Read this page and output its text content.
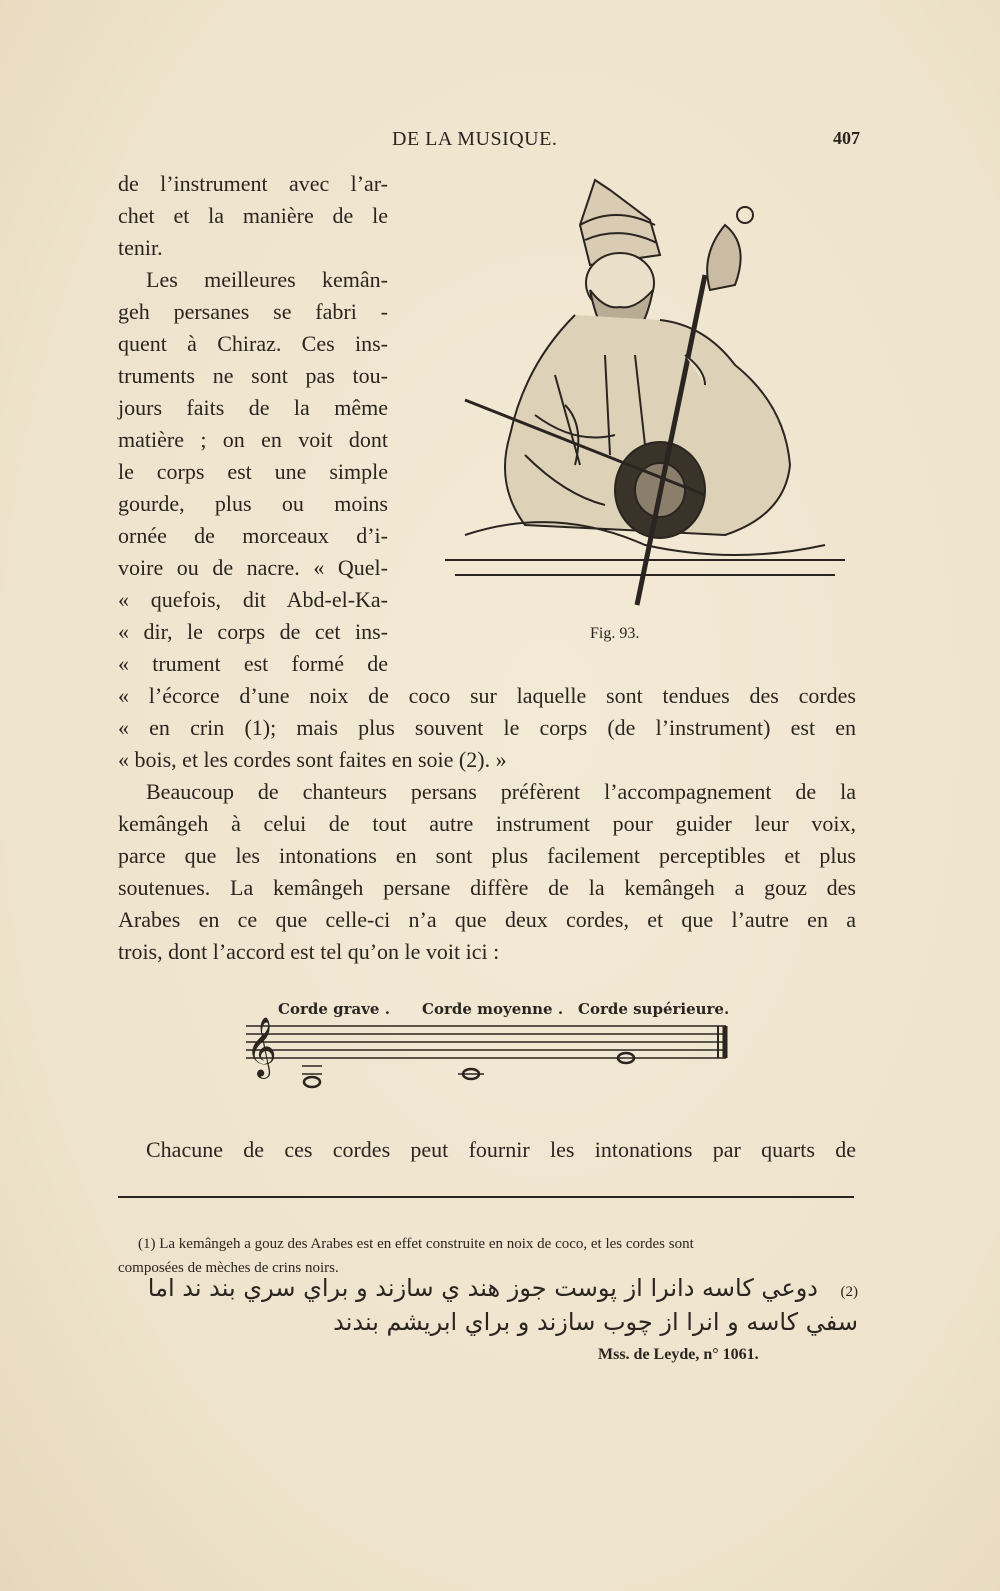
DE LA MUSIQUE.	407
de l’instrument avec l’ar-
chet et la manière de le
tenir.
Les meilleures kemân-
geh persanes se fabri -
quent à Chiraz. Ces ins-
truments ne sont pas tou-
jours faits de la même
matière ; on en voit dont
le corps est une simple
gourde, plus ou moins
ornée de morceaux d’i-
voire ou de nacre. « Quel-
« quefois, dit Abd-el-Ka-
« dir, le corps de cet ins-
« trument est formé de
Fig. 93.
« l’écorce d’une noix de coco sur laquelle sont tendues des cordes
« en crin (1); mais plus souvent le corps (de l’instrument) est en
« bois, et les cordes sont faites en soie (2). »
Beaucoup de chanteurs persans préfèrent l’accompagnement de la
kemângeh à celui de tout autre instrument pour guider leur voix,
parce que les intonations en sont plus facilement perceptibles et plus
soutenues. La kemângeh persane diffère de la kemângeh a gouz des
Arabes en ce que celle-ci n’a que deux cordes, et que l’autre en a
trois, dont l’accord est tel qu’on le voit ici :
Corde grave . Corde moyenne . Corde supérieure.
𝄞
Chacune de ces cordes peut fournir les intonations par quarts de
(1) La kemângeh a gouz des Arabes est en effet construite en noix de coco, et les cordes sont
composées de mèches de crins noirs.
(2)
دوعي كاسه دانرا از پوست جوز هند ي سازند و براي سري بند ند اما
سفي كاسه و انرا از چوب سازند و براي ابريشم بندند
Mss. de Leyde, n° 1061.
